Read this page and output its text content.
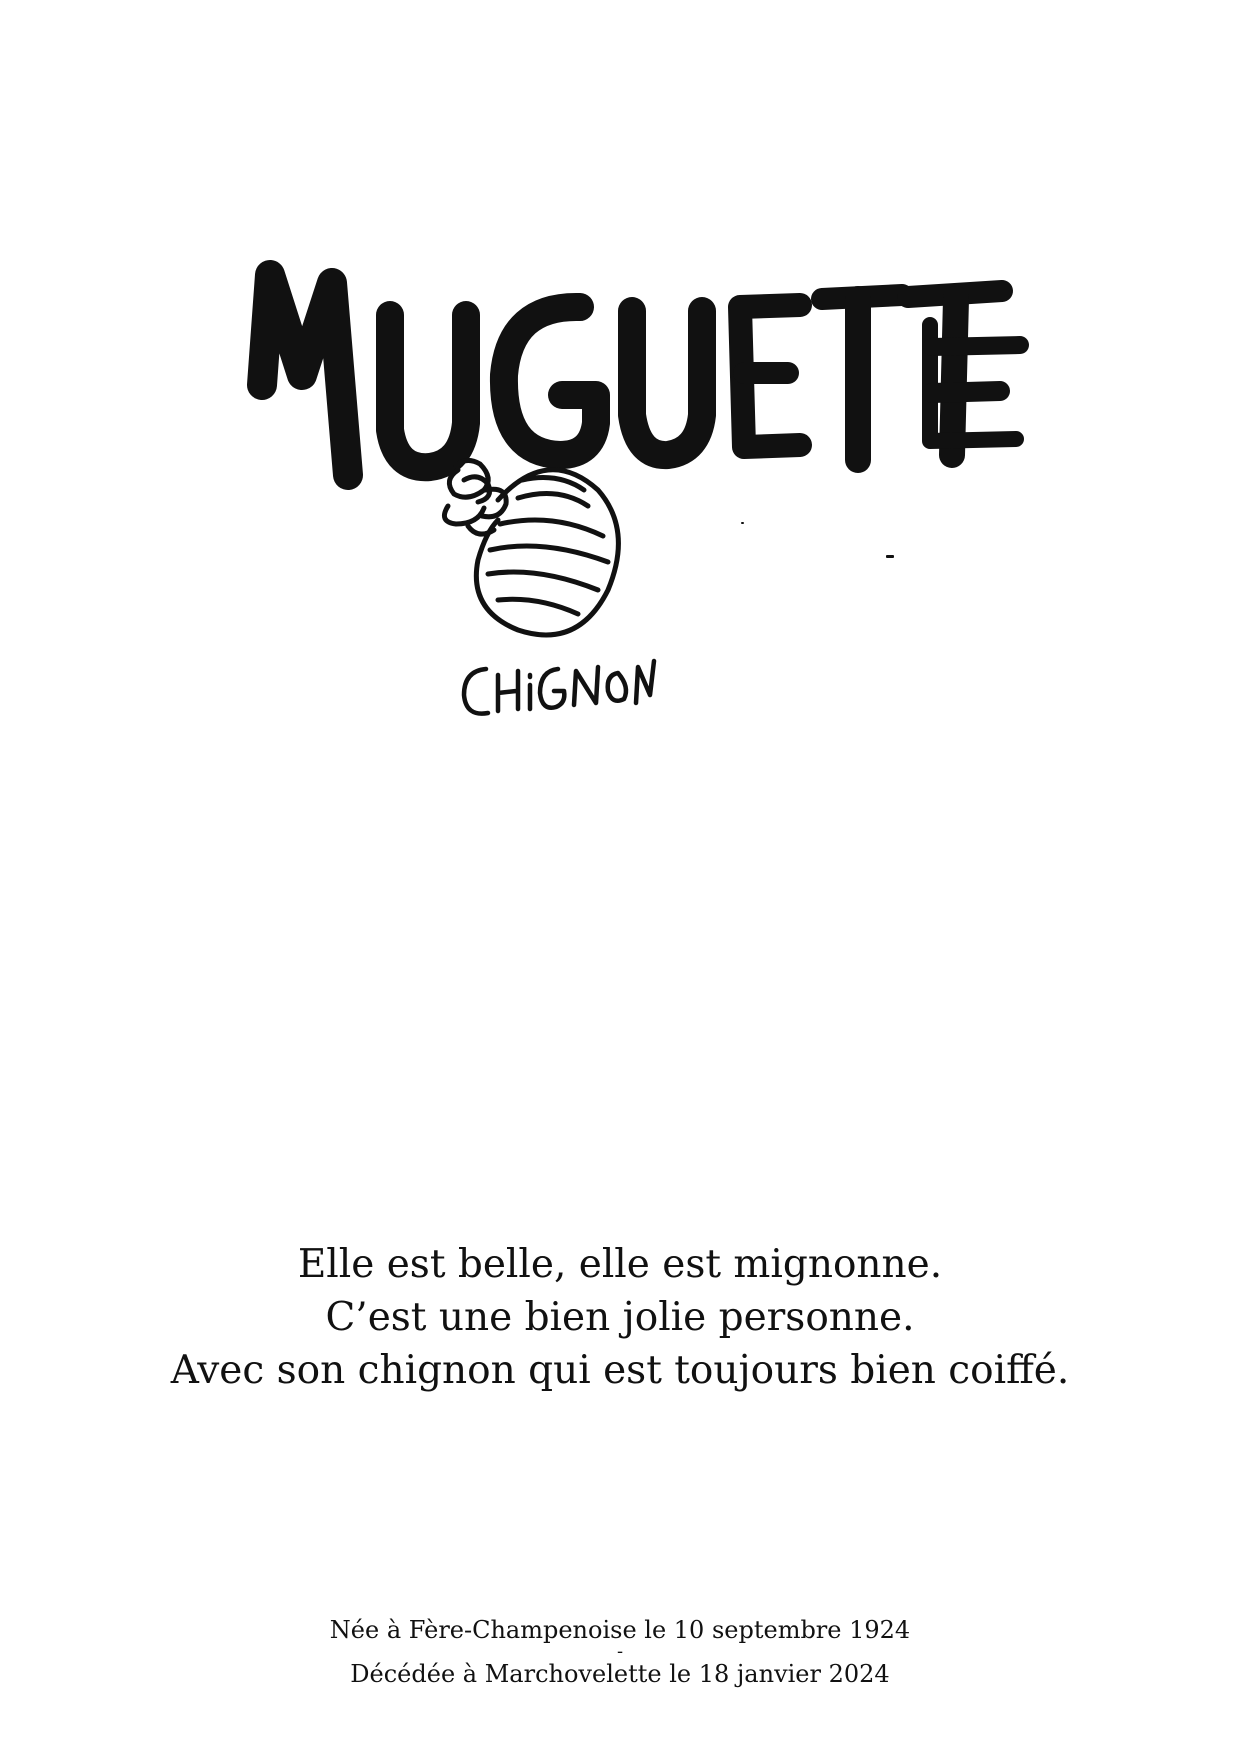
Elle est belle, elle est mignonne.
C’est une bien jolie personne.
Avec son chignon qui est toujours bien coiffé.
Née à Fère-Champenoise le 10 septembre 1924
-
Décédée à Marchovelette le 18 janvier 2024
